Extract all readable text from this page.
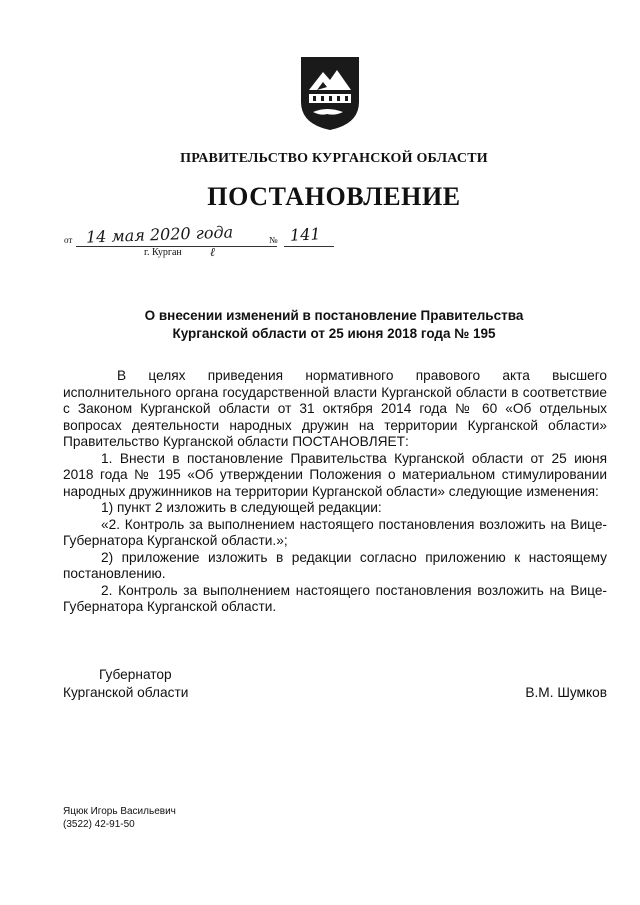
ПРАВИТЕЛЬСТВО КУРГАНСКОЙ ОБЛАСТИ
ПОСТАНОВЛЕНИЕ
от 14 мая 2020 года	№ 141
г. Курган ℓ
О внесении изменений в постановление Правительства
Курганской области от 25 июня 2018 года № 195

В целях приведения нормативного правового акта высшего исполнительного органа государственной власти Курганской области в соответствие с Законом Курганской области от 31 октября 2014 года № 60 «Об отдельных вопросах деятельности народных дружин на территории Курганской области» Правительство Курганской области ПОСТАНОВЛЯЕТ:

1. Внести в постановление Правительства Курганской области от 25 июня 2018 года № 195 «Об утверждении Положения о материальном стимулировании народных дружинников на территории Курганской области» следующие изменения:

1) пункт 2 изложить в следующей редакции:

«2. Контроль за выполнением настоящего постановления возложить на Вице-Губернатора Курганской области.»;

2) приложение изложить в редакции согласно приложению к настоящему постановлению.

2. Контроль за выполнением настоящего постановления возложить на Вице-Губернатора Курганской области.

Губернатор
Курганской области	В.М. Шумков
Яцюк Игорь Васильевич
(3522) 42-91-50
